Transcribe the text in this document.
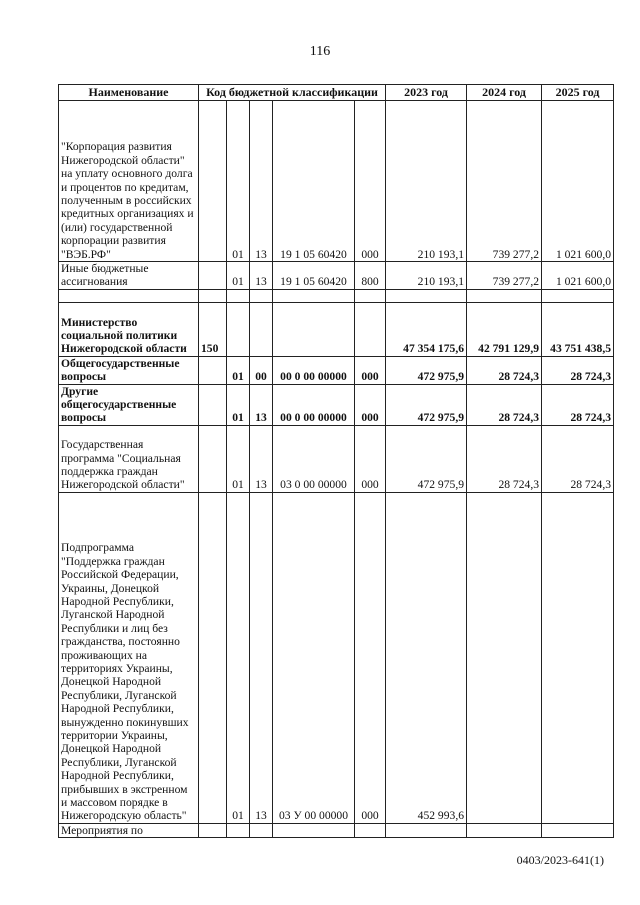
116
Наименование	Код бюджетной классификации					2023 год	2024 год	2025 год
"Корпорация развития Нижегородской области" на уплату основного долга и процентов по кредитам, полученным в российских кредитных организациях и (или) государственной корпорации развития "ВЭБ.РФ"		01	13	19 1 05 60420	000	210 193,1	739 277,2	1 021 600,0
Иные бюджетные ассигнования		01	13	19 1 05 60420	800	210 193,1	739 277,2	1 021 600,0

Министерство социальной политики Нижегородской области	150					47 354 175,6	42 791 129,9	43 751 438,5
Общегосударственные вопросы		01	00	00 0 00 00000	000	472 975,9	28 724,3	28 724,3
Другие общегосударственные вопросы		01	13	00 0 00 00000	000	472 975,9	28 724,3	28 724,3
Государственная программа "Социальная поддержка граждан Нижегородской области"		01	13	03 0 00 00000	000	472 975,9	28 724,3	28 724,3
Подпрограмма "Поддержка граждан Российской Федерации, Украины, Донецкой Народной Республики, Луганской Народной Республики и лиц без гражданства, постоянно проживающих на территориях Украины, Донецкой Народной Республики, Луганской Народной Республики, вынужденно покинувших территории Украины, Донецкой Народной Республики, Луганской Народной Республики, прибывших в экстренном и массовом порядке в Нижегородскую область"		01	13	03 У 00 00000	000	452 993,6		
Мероприятия по								
0403/2023-641(1)
